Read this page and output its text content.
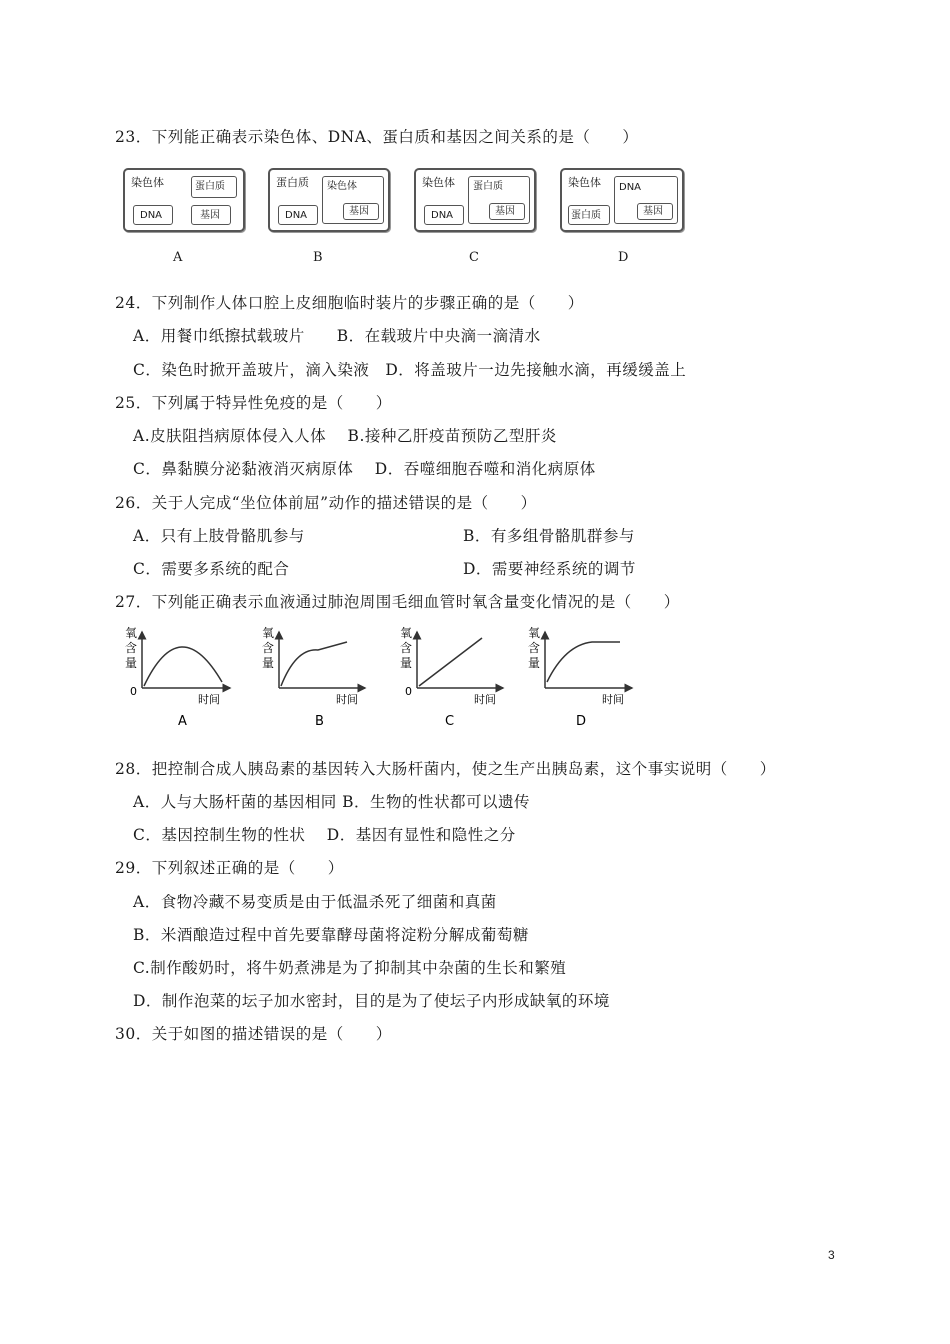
23．下列能正确表示染色体、DNA、蛋白质和基因之间关系的是（　　）
染色体	蛋白质
DNA	基因
A
蛋白质 染色体
基因
DNA
B
染色体 蛋白质
基因
DNA
C
染色体 DNA
基因
蛋白质
D
24．下列制作人体口腔上皮细胞临时装片的步骤正确的是（　　）
A．用餐巾纸擦拭载玻片　　B．在载玻片中央滴一滴清水
C．染色时掀开盖玻片，滴入染液　D．将盖玻片一边先接触水滴，再缓缓盖上
25．下列属于特异性免疫的是（　　）
A.皮肤阻挡病原体侵入人体　 B.接种乙肝疫苗预防乙型肝炎
C．鼻黏膜分泌黏液消灭病原体　 D．吞噬细胞吞噬和消化病原体
26．关于人完成“坐位体前屈”动作的描述错误的是（　　）
A．只有上肢骨骼肌参与	B．有多组骨骼肌群参与
C．需要多系统的配合	D．需要神经系统的调节
27．下列能正确表示血液通过肺泡周围毛细血管时氧含量变化情况的是（　　）
氧
含
量
0
时间
A
氧
含
量
时间
B
氧
含
量
0
时间
C
氧
含
量
时间
D
28．把控制合成人胰岛素的基因转入大肠杆菌内，使之生产出胰岛素，这个事实说明（　　）
A．人与大肠杆菌的基因相同 B．生物的性状都可以遗传
C．基因控制生物的性状　 D．基因有显性和隐性之分
29．下列叙述正确的是（　　）
A．食物冷藏不易变质是由于低温杀死了细菌和真菌
B．米酒酿造过程中首先要靠酵母菌将淀粉分解成葡萄糖
C.制作酸奶时，将牛奶煮沸是为了抑制其中杂菌的生长和繁殖
D．制作泡菜的坛子加水密封，目的是为了使坛子内形成缺氧的环境
30．关于如图的描述错误的是（　　）
3
